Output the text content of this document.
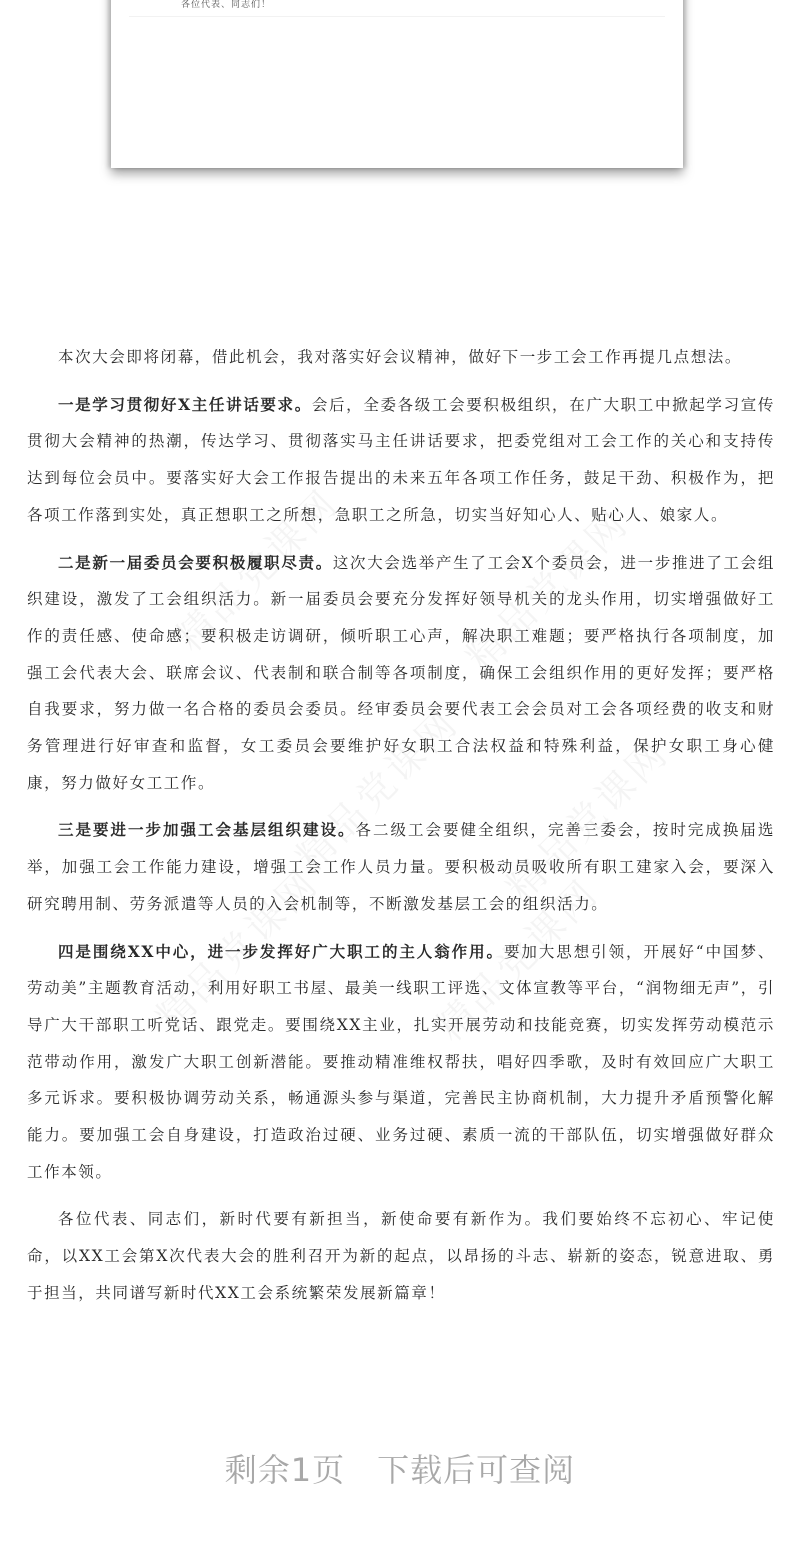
各位代表、同志们！

本次大会即将闭幕，借此机会，我对落实好会议精神，做好下一步工会工作再提几点想法。

一是学习贯彻好X主任讲话要求。会后，全委各级工会要积极组织，在广大职工中掀起学习宣传贯彻大会精神的热潮，传达学习、贯彻落实马主任讲话要求，把委党组对工会工作的关心和支持传达到每位会员中。要落实好大会工作报告提出的未来五年各项工作任务，鼓足干劲、积极作为，把各项工作落到实处，真正想职工之所想，急职工之所急，切实当好知心人、贴心人、娘家人。

二是新一届委员会要积极履职尽责。这次大会选举产生了工会X个委员会，进一步推进了工会组织建设，激发了工会组织活力。新一届委员会要充分发挥好领导机关的龙头作用，切实增强做好工作的责任感、使命感；要积极走访调研，倾听职工心声，解决职工难题；要严格执行各项制度，加强工会代表大会、联席会议、代表制和联合制等各项制度，确保工会组织作用的更好发挥；要严格自我要求，努力做一名合格的委员会委员。经审委员会要代表工会会员对工会各项经费的收支和财务管理进行好审查和监督，女工委员会要维护好女职工合法权益和特殊利益，保护女职工身心健康，努力做好女工工作。

三是要进一步加强工会基层组织建设。各二级工会要健全组织，完善三委会，按时完成换届选举，加强工会工作能力建设，增强工会工作人员力量。要积极动员吸收所有职工建家入会，要深入研究聘用制、劳务派遣等人员的入会机制等，不断激发基层工会的组织活力。

四是围绕XX中心，进一步发挥好广大职工的主人翁作用。要加大思想引领，开展好“中国梦、劳动美”主题教育活动，利用好职工书屋、最美一线职工评选、文体宣教等平台，“润物细无声”，引导广大干部职工听党话、跟党走。要围绕XX主业，扎实开展劳动和技能竞赛，切实发挥劳动模范示范带动作用，激发广大职工创新潜能。要推动精准维权帮扶，唱好四季歌，及时有效回应广大职工多元诉求。要积极协调劳动关系，畅通源头参与渠道，完善民主协商机制，大力提升矛盾预警化解能力。要加强工会自身建设，打造政治过硬、业务过硬、素质一流的干部队伍，切实增强做好群众工作本领。

各位代表、同志们，新时代要有新担当，新使命要有新作为。我们要始终不忘初心、牢记使命，以XX工会第X次代表大会的胜利召开为新的起点，以昂扬的斗志、崭新的姿态，锐意进取、勇于担当，共同谱写新时代XX工会系统繁荣发展新篇章！

剩余1页 下载后可查阅
